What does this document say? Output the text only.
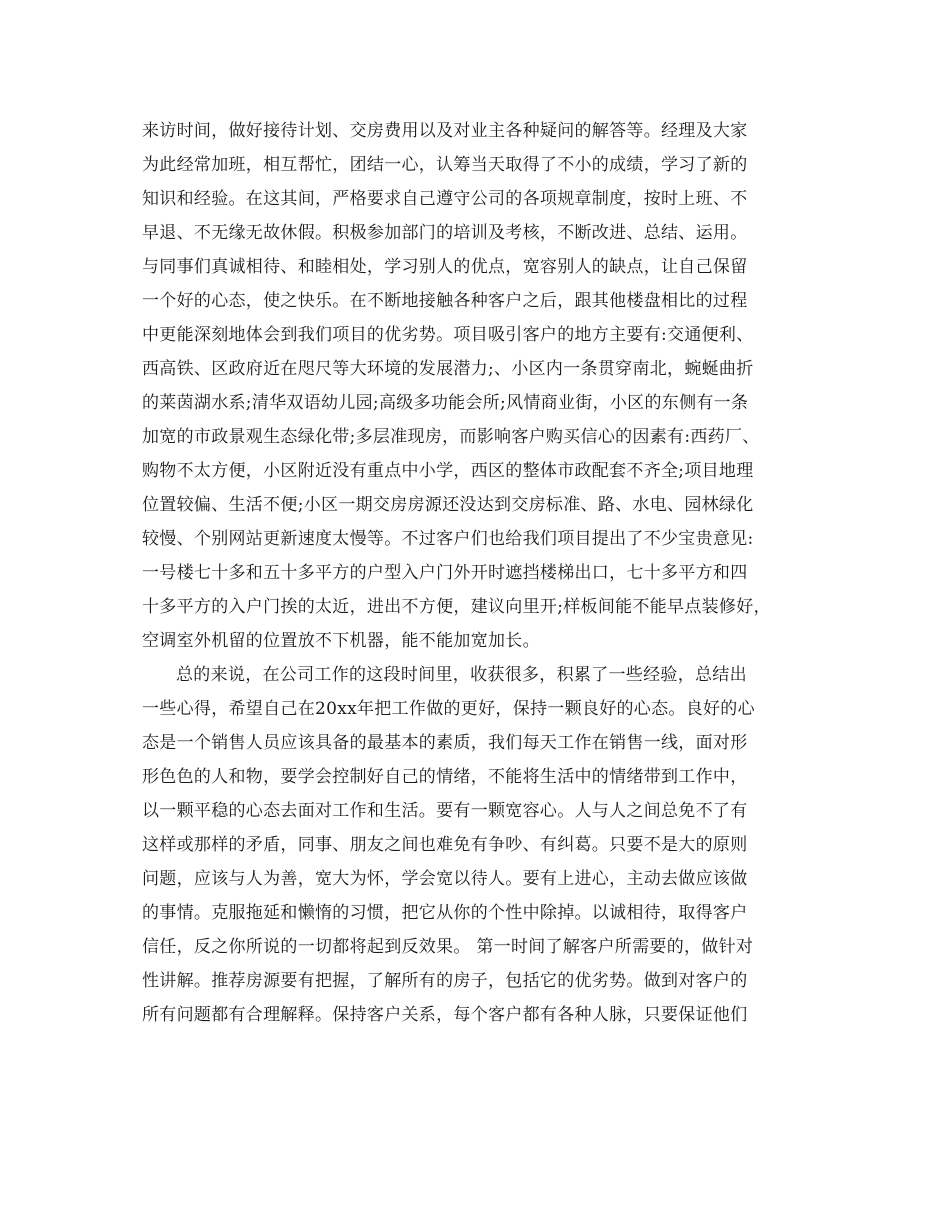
来访时间，做好接待计划、交房费用以及对业主各种疑问的解答等。经理及大家
为此经常加班，相互帮忙，团结一心，认筹当天取得了不小的成绩，学习了新的
知识和经验。在这其间，严格要求自己遵守公司的各项规章制度，按时上班、不
早退、不无缘无故休假。积极参加部门的培训及考核，不断改进、总结、运用。
与同事们真诚相待、和睦相处，学习别人的优点，宽容别人的缺点，让自己保留
一个好的心态，使之快乐。在不断地接触各种客户之后，跟其他楼盘相比的过程
中更能深刻地体会到我们项目的优劣势。项目吸引客户的地方主要有:交通便利、
西高铁、区政府近在咫尺等大环境的发展潜力;、小区内一条贯穿南北，蜿蜒曲折
的莱茵湖水系;清华双语幼儿园;高级多功能会所;风情商业街，小区的东侧有一条
加宽的市政景观生态绿化带;多层准现房，而影响客户购买信心的因素有:西药厂、
购物不太方便，小区附近没有重点中小学，西区的整体市政配套不齐全;项目地理
位置较偏、生活不便;小区一期交房房源还没达到交房标准、路、水电、园林绿化
较慢、个别网站更新速度太慢等。不过客户们也给我们项目提出了不少宝贵意见:
一号楼七十多和五十多平方的户型入户门外开时遮挡楼梯出口，七十多平方和四
十多平方的入户门挨的太近，进出不方便，建议向里开;样板间能不能早点装修好，
空调室外机留的位置放不下机器，能不能加宽加长。
总的来说，在公司工作的这段时间里，收获很多，积累了一些经验，总结出
一些心得，希望自己在20xx年把工作做的更好，保持一颗良好的心态。良好的心
态是一个销售人员应该具备的最基本的素质，我们每天工作在销售一线，面对形
形色色的人和物，要学会控制好自己的情绪，不能将生活中的情绪带到工作中，
以一颗平稳的心态去面对工作和生活。要有一颗宽容心。人与人之间总免不了有
这样或那样的矛盾，同事、朋友之间也难免有争吵、有纠葛。只要不是大的原则
问题，应该与人为善，宽大为怀，学会宽以待人。要有上进心，主动去做应该做
的事情。克服拖延和懒惰的习惯，把它从你的个性中除掉。以诚相待，取得客户
信任，反之你所说的一切都将起到反效果。 第一时间了解客户所需要的，做针对
性讲解。推荐房源要有把握，了解所有的房子，包括它的优劣势。做到对客户的
所有问题都有合理解释。保持客户关系，每个客户都有各种人脉，只要保证他们
